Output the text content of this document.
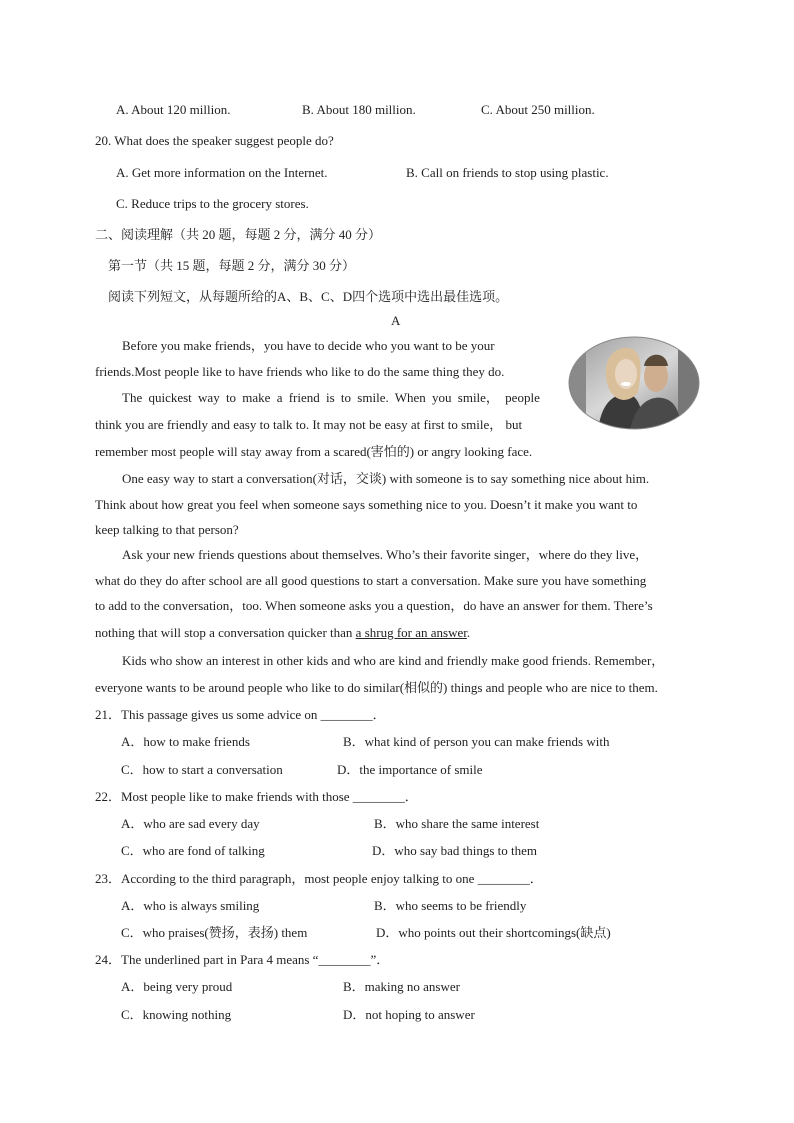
A. About 120 million.	B. About 180 million.	C. About 250 million.
20. What does the speaker suggest people do?
A. Get more information on the Internet.	B. Call on friends to stop using plastic.
C. Reduce trips to the grocery stores.
二、阅读理解（共 20 题，每题 2 分，满分 40 分）
第一节（共 15 题，每题 2 分，满分 30 分）
阅读下列短文，从每题所给的A、B、C、D四个选项中选出最佳选项。
A
Before you make friends，you have to decide who you want to be your
friends.Most people like to have friends who like to do the same thing they do.
The quickest way to make a friend is to smile. When you smile， people
think you are friendly and easy to talk to. It may not be easy at first to smile， but
remember most people will stay away from a scared(害怕的) or angry looking face.
One easy way to start a conversation(对话，交谈) with someone is to say something nice about him.
Think about how great you feel when someone says something nice to you. Doesn’t it make you want to
keep talking to that person?
Ask your new friends questions about themselves. Who’s their favorite singer，where do they live，
what do they do after school are all good questions to start a conversation. Make sure you have something
to add to the conversation，too. When someone asks you a question，do have an answer for them. There’s
nothing that will stop a conversation quicker than a shrug for an answer.
Kids who show an interest in other kids and who are kind and friendly make good friends. Remember，
everyone wants to be around people who like to do similar(相似的) things and people who are nice to them.
21．This passage gives us some advice on ________．
A．how to make friends	B．what kind of person you can make friends with
C．how to start a conversation	D．the importance of smile
22．Most people like to make friends with those ________．
A．who are sad every day	B．who share the same interest
C．who are fond of talking	D．who say bad things to them
23．According to the third paragraph，most people enjoy talking to one ________．
A．who is always smiling	B．who seems to be friendly
C．who praises(赞扬，表扬) them	D．who points out their shortcomings(缺点)
24．The underlined part in Para 4 means “________”．
A．being very proud	B．making no answer
C．knowing nothing	D．not hoping to answer
